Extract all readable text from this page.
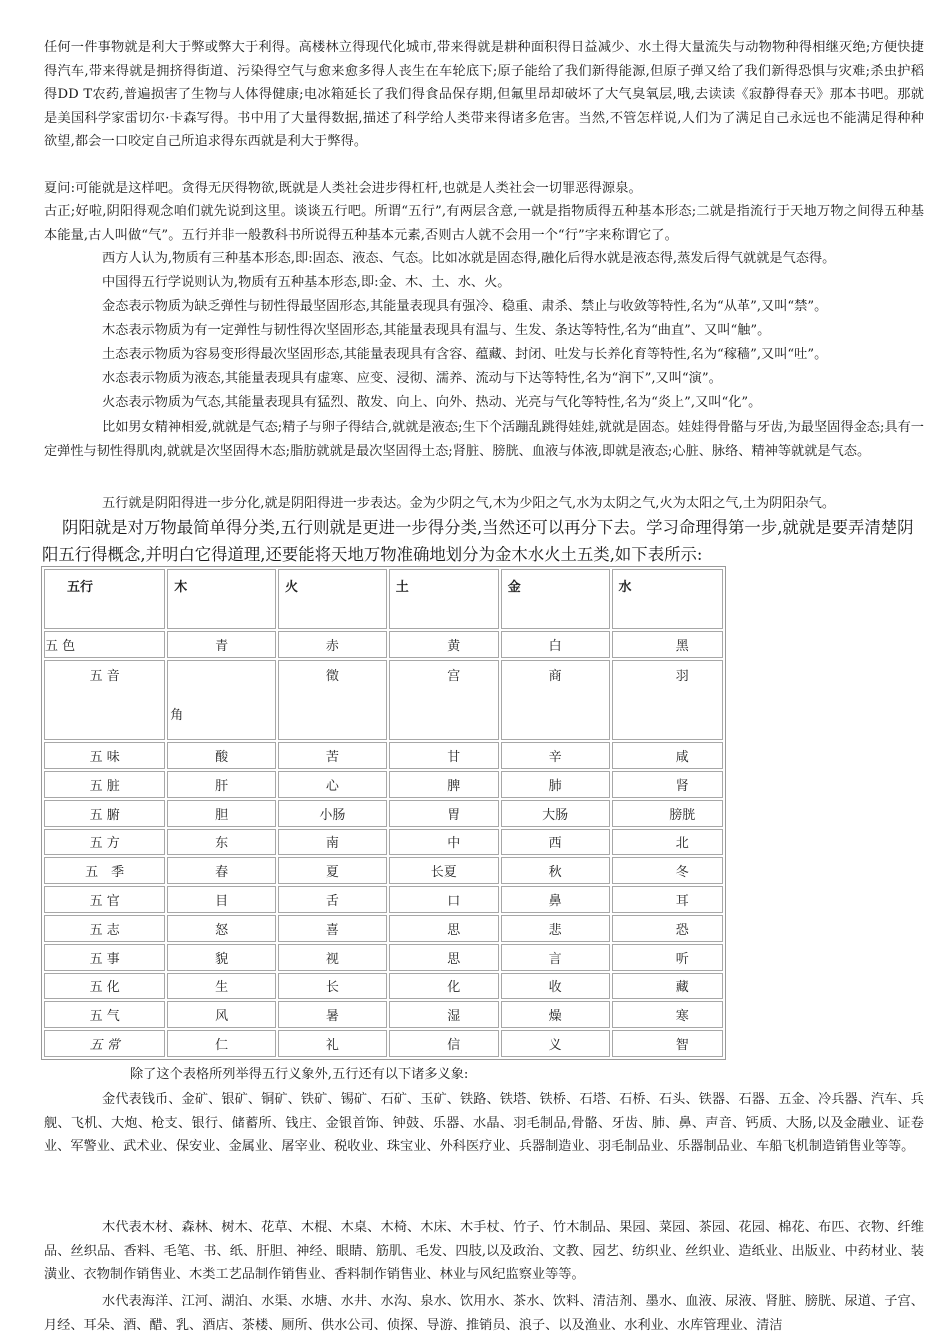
任何一件事物就是利大于弊或弊大于利得。高楼林立得现代化城市,带来得就是耕种面积得日益减少、水土得大量流失与动物物种得相继灭绝;方便快捷得汽车,带来得就是拥挤得街道、污染得空气与愈来愈多得人丧生在车轮底下;原子能给了我们新得能源,但原子弹又给了我们新得恐惧与灾难;杀虫护稻得DD T农药,普遍损害了生物与人体得健康;电冰箱延长了我们得食品保存期,但氟里昂却破坏了大气臭氧层,哦,去读读《寂静得春天》那本书吧。那就是美国科学家雷切尔·卡森写得。书中用了大量得数据,描述了科学给人类带来得诸多危害。当然,不管怎样说,人们为了满足自己永远也不能满足得种种欲望,都会一口咬定自己所追求得东西就是利大于弊得。

夏问:可能就是这样吧。贪得无厌得物欲,既就是人类社会进步得杠杆,也就是人类社会一切罪恶得源泉。

古正;好啦,阴阳得观念咱们就先说到这里。谈谈五行吧。所谓“五行”,有两层含意,一就是指物质得五种基本形态;二就是指流行于天地万物之间得五种基本能量,古人叫做“气”。五行并非一般教科书所说得五种基本元素,否则古人就不会用一个“行”字来称谓它了。

西方人认为,物质有三种基本形态,即:固态、液态、气态。比如冰就是固态得,融化后得水就是液态得,蒸发后得气就就是气态得。

中国得五行学说则认为,物质有五种基本形态,即:金、木、土、水、火。

金态表示物质为缺乏弹性与韧性得最坚固形态,其能量表现具有强冷、稳重、肃杀、禁止与收敛等特性,名为“从革”,又叫“禁”。

木态表示物质为有一定弹性与韧性得次坚固形态,其能量表现具有温与、生发、条达等特性,名为“曲直”、又叫“触”。

土态表示物质为容易变形得最次坚固形态,其能量表现具有含容、蕴藏、封闭、吐发与长养化育等特性,名为“稼穑”,又叫“吐”。

水态表示物质为液态,其能量表现具有虚寒、应变、浸彻、濡养、流动与下达等特性,名为“润下”,又叫“演”。

火态表示物质为气态,其能量表现具有猛烈、散发、向上、向外、热动、光亮与气化等特性,名为“炎上”,又叫“化”。

比如男女精神相爱,就就是气态;精子与卵子得结合,就就是液态;生下个活蹦乱跳得娃娃,就就是固态。娃娃得骨骼与牙齿,为最坚固得金态;具有一定弹性与韧性得肌肉,就就是次坚固得木态;脂肪就就是最次坚固得土态;肾脏、膀胱、血液与体液,即就是液态;心脏、脉络、精神等就就是气态。

五行就是阴阳得进一步分化,就是阴阳得进一步表达。金为少阴之气,木为少阳之气,水为太阴之气,火为太阳之气,土为阴阳杂气。

阴阳就是对万物最简单得分类,五行则就是更进一步得分类,当然还可以再分下去。学习命理得第一步,就就是要弄清楚阴阳五行得概念,并明白它得道理,还要能将天地万物准确地划分为金木水火土五类,如下表所示:

五行	木	火	土	金	水
五 色	青	赤	黄	白	黑
五 音	角	徵	宫	商	羽
五 味	酸	苦	甘	辛	咸
五 脏	肝	心	脾	肺	肾
五 腑	胆	小肠	胃	大肠	膀胱
五 方	东	南	中	西	北
五　季	春	夏	长夏	秋	冬
五 官	目	舌	口	鼻	耳
五 志	怒	喜	思	悲	恐
五 事	貌	视	思	言	听
五 化	生	长	化	收	藏
五 气	风	暑	湿	燥	寒
五 常	仁	礼	信	义	智

除了这个表格所列举得五行义象外,五行还有以下诸多义象:

金代表钱币、金矿、银矿、铜矿、铁矿、锡矿、石矿、玉矿、铁路、铁塔、铁桥、石塔、石桥、石头、铁器、石器、五金、冷兵器、汽车、兵舰、飞机、大炮、枪支、银行、储蓄所、钱庄、金银首饰、钟鼓、乐器、水晶、羽毛制品,骨骼、牙齿、肺、鼻、声音、钙质、大肠,以及金融业、证卷业、军警业、武术业、保安业、金属业、屠宰业、税收业、珠宝业、外科医疗业、兵器制造业、羽毛制品业、乐器制品业、车船飞机制造销售业等等。

木代表木材、森林、树木、花草、木棍、木桌、木椅、木床、木手杖、竹子、竹木制品、果园、菜园、茶园、花园、棉花、布匹、衣物、纤维品、丝织品、香料、毛笔、书、纸、肝胆、神经、眼睛、筋肌、毛发、四肢,以及政治、文教、园艺、纺织业、丝织业、造纸业、出版业、中药材业、装潢业、衣物制作销售业、木类工艺品制作销售业、香料制作销售业、林业与风纪监察业等等。

水代表海洋、江河、湖泊、水渠、水塘、水井、水沟、泉水、饮用水、茶水、饮料、清洁剂、墨水、血液、尿液、肾脏、膀胱、尿道、子宫、月经、耳朵、酒、醋、乳、酒店、茶楼、厕所、供水公司、侦探、导游、推销员、浪子、以及渔业、水利业、水库管理业、清洁
